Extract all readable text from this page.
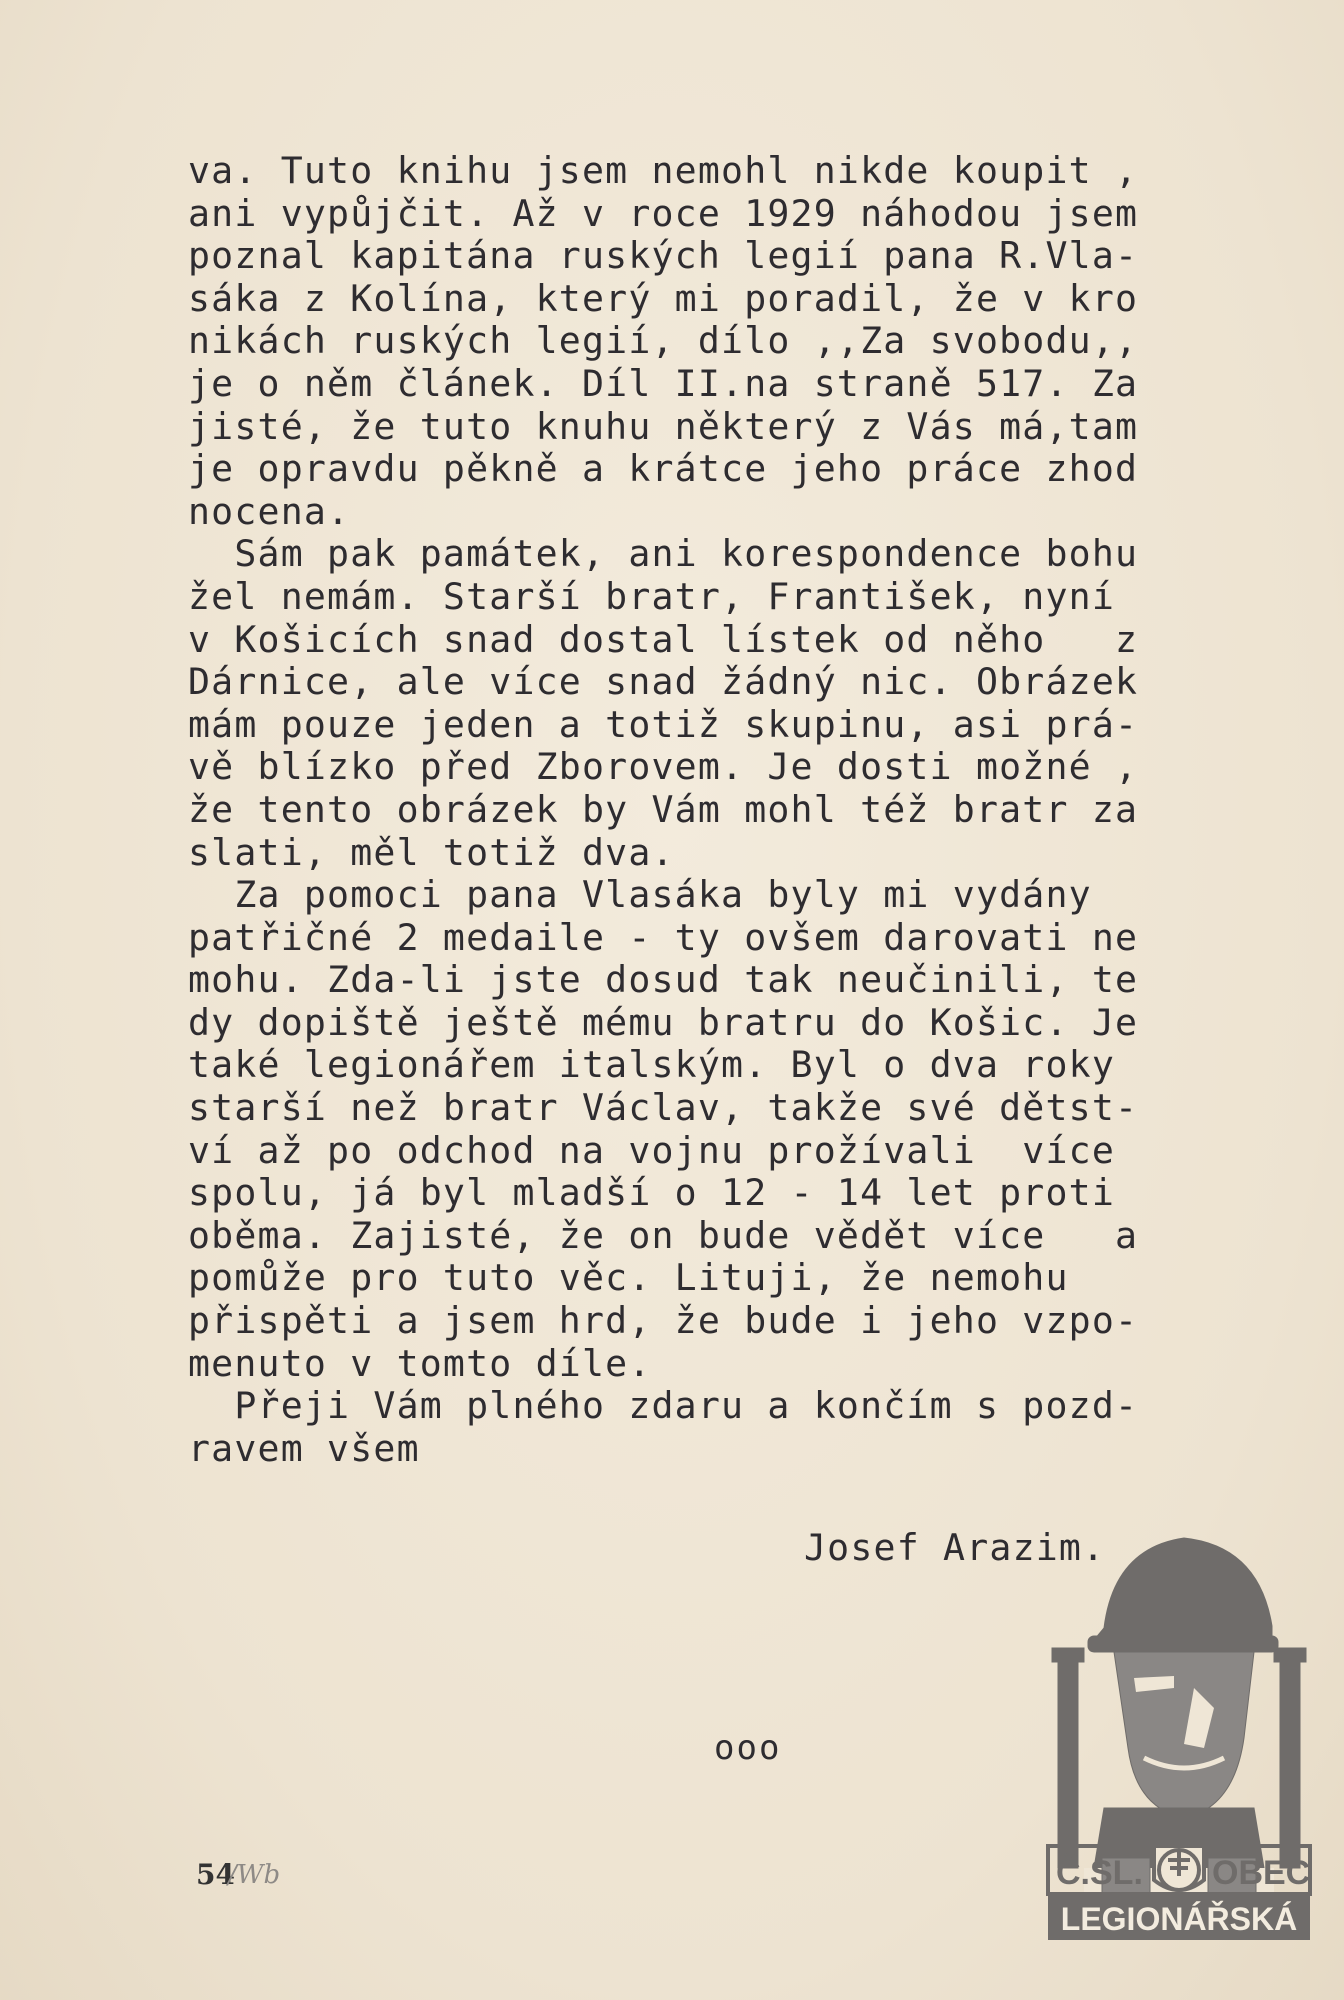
va. Tuto knihu jsem nemohl nikde koupit ,
ani vypůjčit. Až v roce 1929 náhodou jsem
poznal kapitána ruských legií pana R.Vla-
sáka z Kolína, který mi poradil, že v kro
nikách ruských legií, dílo ,,Za svobodu,,
je o něm článek. Díl II.na straně 517. Za
jisté, že tuto knuhu některý z Vás má,tam
je opravdu pěkně a krátce jeho práce zhod
nocena.
Sám pak památek, ani korespondence bohu
žel nemám. Starší bratr, František, nyní
v Košicích snad dostal lístek od něho   z
Dárnice, ale více snad žádný nic. Obrázek
mám pouze jeden a totiž skupinu, asi prá-
vě blízko před Zborovem. Je dosti možné ,
že tento obrázek by Vám mohl též bratr za
slati, měl totiž dva.
Za pomoci pana Vlasáka byly mi vydány
patřičné 2 medaile - ty ovšem darovati ne
mohu. Zda-li jste dosud tak neučinili, te
dy dopiště ještě mému bratru do Košic. Je
také legionářem italským. Byl o dva roky
starší než bratr Václav, takže své dětst-
ví až po odchod na vojnu prožívali  více
spolu, já byl mladší o 12 - 14 let proti
oběma. Zajisté, že on bude vědět více   a
pomůže pro tuto věc. Lituji, že nemohu
přispěti a jsem hrd, že bude i jeho vzpo-
menuto v tomto díle.
Přeji Vám plného zdaru a končím s pozd-
ravem všem
Josef Arazim.
ooo
54
/Wb	Č.SL. OBEC
LEGIONÁŘSKÁ
